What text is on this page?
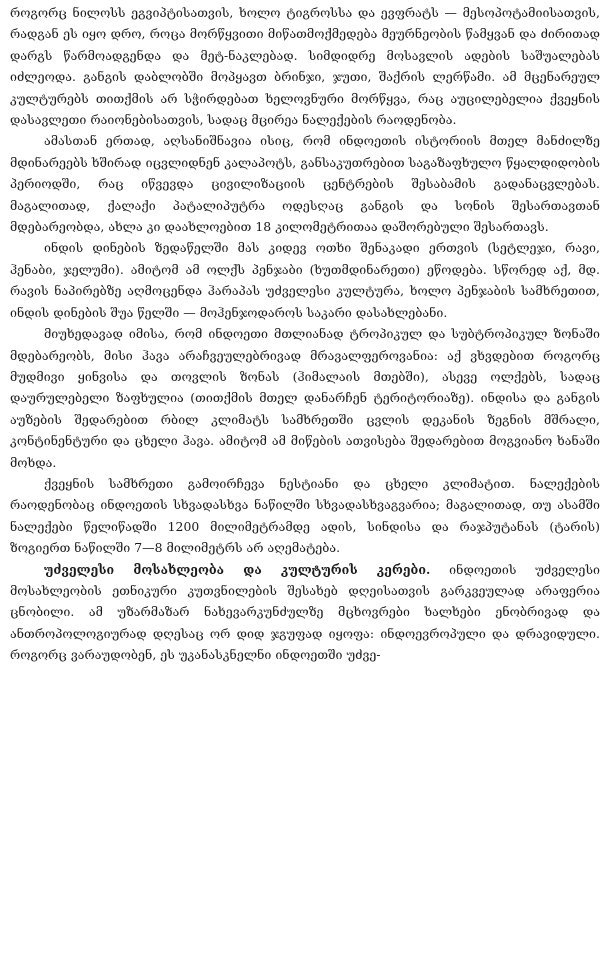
როგორც ნილოსს ეგვიპტისათვის, ხოლო ტიგროსსა და ევფრატს — მესოპოტამიისათვის, რადგან ეს იყო დრო, როცა მორწყვითი მიწათმოქმედება მეურნეობის წამყვან და ძირითად დარგს წარმოადგენდა და მეტ-ნაკლებად. სიმდიდრე მოსავლის ადების საშუალებას იძლეოდა. განგის დაბლობში მოპყავთ ბრინჯი, ჯუთი, შაქრის ლერწამი. ამ მცენარეულ კულტურებს თითქმის არ სჭირდებათ ხელოვნური მორწყვა, რაც აუცილებელია ქვეყნის დასავლეთი რაიონებისათვის, სადაც მცირეა ნალექების რაოდენობა.

ამასთან ერთად, აღსანიშნავია ისიც, რომ ინდოეთის ისტორიის მთელ მანძილზე მდინარეებს ხშირად იცვლიდნენ კალაპოტს, განსაკუთრებით საგაზაფხულო წყალდიდობის პერიოდში, რაც იწვევდა ცივილიზაციის ცენტრების შესაბამის გადანაცვლებას. მაგალითად, ქალაქი პატალიპუტრა ოდესღაც განგის და სონის შესართავთან მდებარეობდა, ახლა კი დაახლოებით 18 კილომეტრითაა დაშორებული შესართავს.

ინდის დინების ზედაწელში მას კიდევ ოთხი შენაკადი ერთვის (სეტლეჯი, რავი, ჰენაბი, ჯელუმი). ამიტომ ამ ოლქს პენჯაბი (ხუთმდინარეთი) ეწოდება. სწორედ აქ, მდ. რავის ნაპირებზე აღმოცენდა ჰარაპას უძველესი კულტურა, ხოლო პენჯაბის სამხრეთით, ინდის დინების შუა წელში — მოჰენჯოდაროს საკარი დასახლებანი.

მიუხედავად იმისა, რომ ინდოეთი მთლიანად ტროპიკულ და სუბტროპიკულ ზონაში მდებარეობს, მისი ჰავა არაჩვეულებრივად მრავალფეროვანია: აქ ვხვდებით როგორც მუდმივი ყინვისა და თოვლის ზონას (ჰიმალაის მთებში), ასევე ოლქებს, სადაც დაურულებელი ზაფხულია (თითქმის მთელ დანარჩენ ტერიტორიაზე). ინდისა და განგის აუზების შედარებით რბილ კლიმატს სამხრეთში ცვლის დეკანის ზეგნის მშრალი, კონტინენტური და ცხელი ჰავა. ამიტომ ამ მიწების ათვისება შედარებით მოგვიანო ხანაში მოხდა.

ქვეყნის სამხრეთი გამოირჩევა ნესტიანი და ცხელი კლიმატით. ნალექების რაოდენობაც ინდოეთის სხვადასხვა ნაწილში სხვადასხვაგვარია; მაგალითად, თუ ასამში ნალექები წელიწადში 1200 მილიმეტრამდე ადის, სინდისა და რაჯპუტანას (ტარის) ზოგიერთ ნაწილში 7—8 მილიმეტრს არ აღემატება.

უძველესი მოსახლეობა და კულტურის კერები. ინდოეთის უძველესი მოსახლეობის ეთნიკური კუთვნილების შესახებ დღეისათვის გარკვეულად არაფერია ცნობილი. ამ უზარმაზარ ნახევარკუნძულზე მცხოვრები ხალხები ენობრივად და ანთროპოლოგიურად დღესაც ორ დიდ ჯგუფად იყოფა: ინდოევროპული და დრავიდული. როგორც ვარაუდობენ, ეს უკანასკნელნი ინდოეთში უძვე-
